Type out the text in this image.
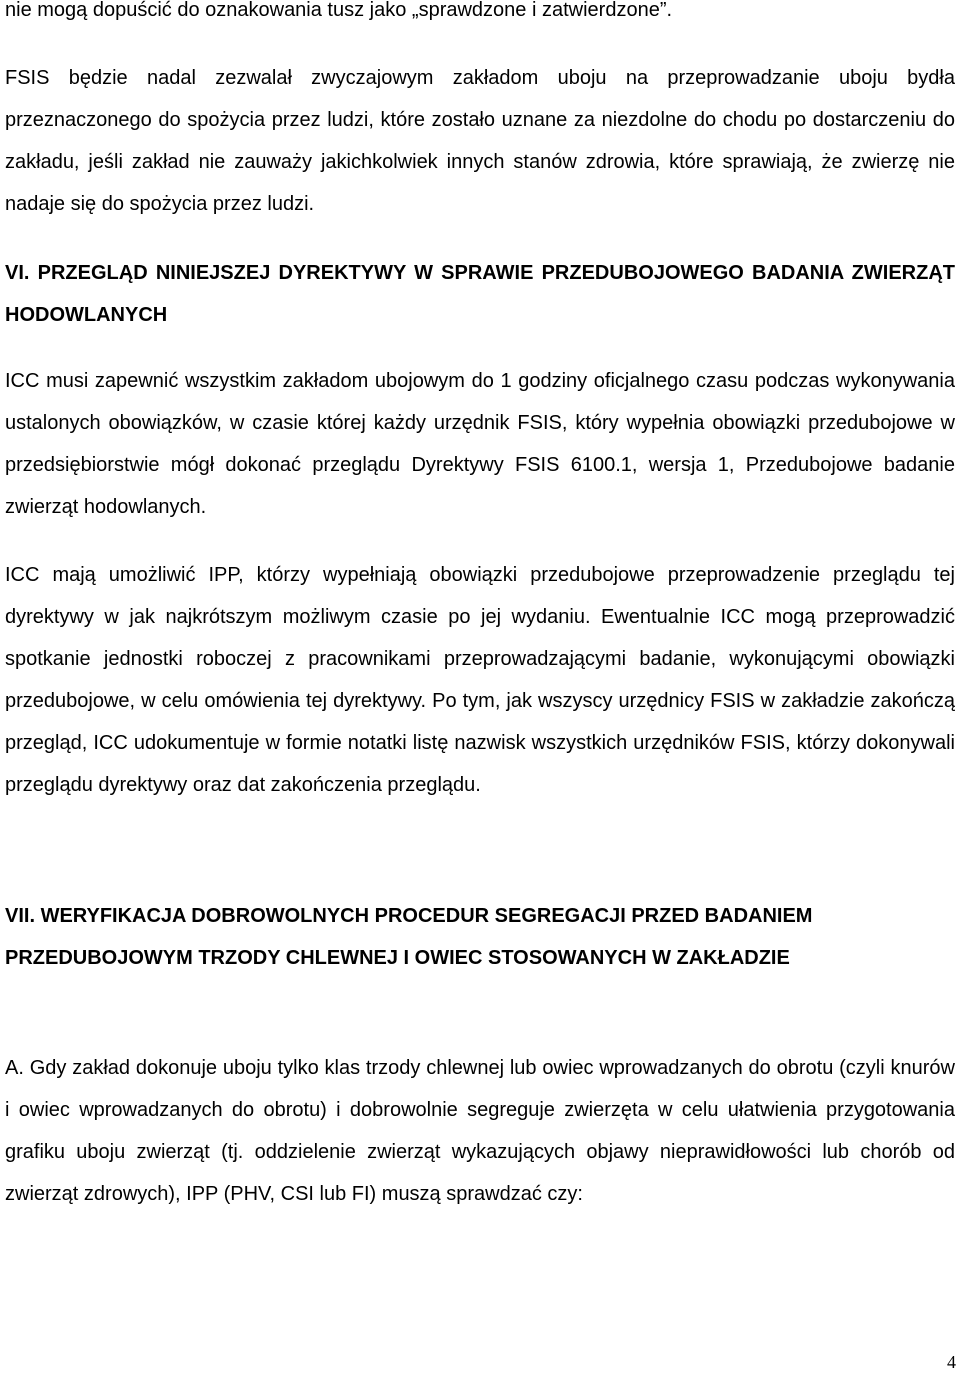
nie mogą dopuścić do oznakowania tusz jako „sprawdzone i zatwierdzone”.

FSIS będzie nadal zezwalał zwyczajowym zakładom uboju na przeprowadzanie uboju bydła przeznaczonego do spożycia przez ludzi, które zostało uznane za niezdolne do chodu po dostarczeniu do zakładu, jeśli zakład nie zauważy jakichkolwiek innych stanów zdrowia, które sprawiają, że zwierzę nie nadaje się do spożycia przez ludzi.

VI. PRZEGLĄD NINIEJSZEJ DYREKTYWY W SPRAWIE PRZEDUBOJOWEGO BADANIA ZWIERZĄT HODOWLANYCH

ICC musi zapewnić wszystkim zakładom ubojowym do 1 godziny oficjalnego czasu podczas wykonywania ustalonych obowiązków, w czasie której każdy urzędnik FSIS, który wypełnia obowiązki przedubojowe w przedsiębiorstwie mógł dokonać przeglądu Dyrektywy FSIS 6100.1, wersja 1, Przedubojowe badanie zwierząt hodowlanych.

ICC mają umożliwić IPP, którzy wypełniają obowiązki przedubojowe przeprowadzenie przeglądu tej dyrektywy w jak najkrótszym możliwym czasie po jej wydaniu. Ewentualnie ICC mogą przeprowadzić spotkanie jednostki roboczej z pracownikami przeprowadzającymi badanie, wykonującymi obowiązki przedubojowe, w celu omówienia tej dyrektywy. Po tym, jak wszyscy urzędnicy FSIS w zakładzie zakończą przegląd, ICC udokumentuje w formie notatki listę nazwisk wszystkich urzędników FSIS, którzy dokonywali przeglądu dyrektywy oraz dat zakończenia przeglądu.

VII. WERYFIKACJA DOBROWOLNYCH PROCEDUR SEGREGACJI PRZED BADANIEM PRZEDUBOJOWYM TRZODY CHLEWNEJ I OWIEC STOSOWANYCH W ZAKŁADZIE

A. Gdy zakład dokonuje uboju tylko klas trzody chlewnej lub owiec wprowadzanych do obrotu (czyli knurów i owiec wprowadzanych do obrotu) i dobrowolnie segreguje zwierzęta w celu ułatwienia przygotowania grafiku uboju zwierząt (tj. oddzielenie zwierząt wykazujących objawy nieprawidłowości lub chorób od zwierząt zdrowych), IPP (PHV, CSI lub FI) muszą sprawdzać czy:

4
